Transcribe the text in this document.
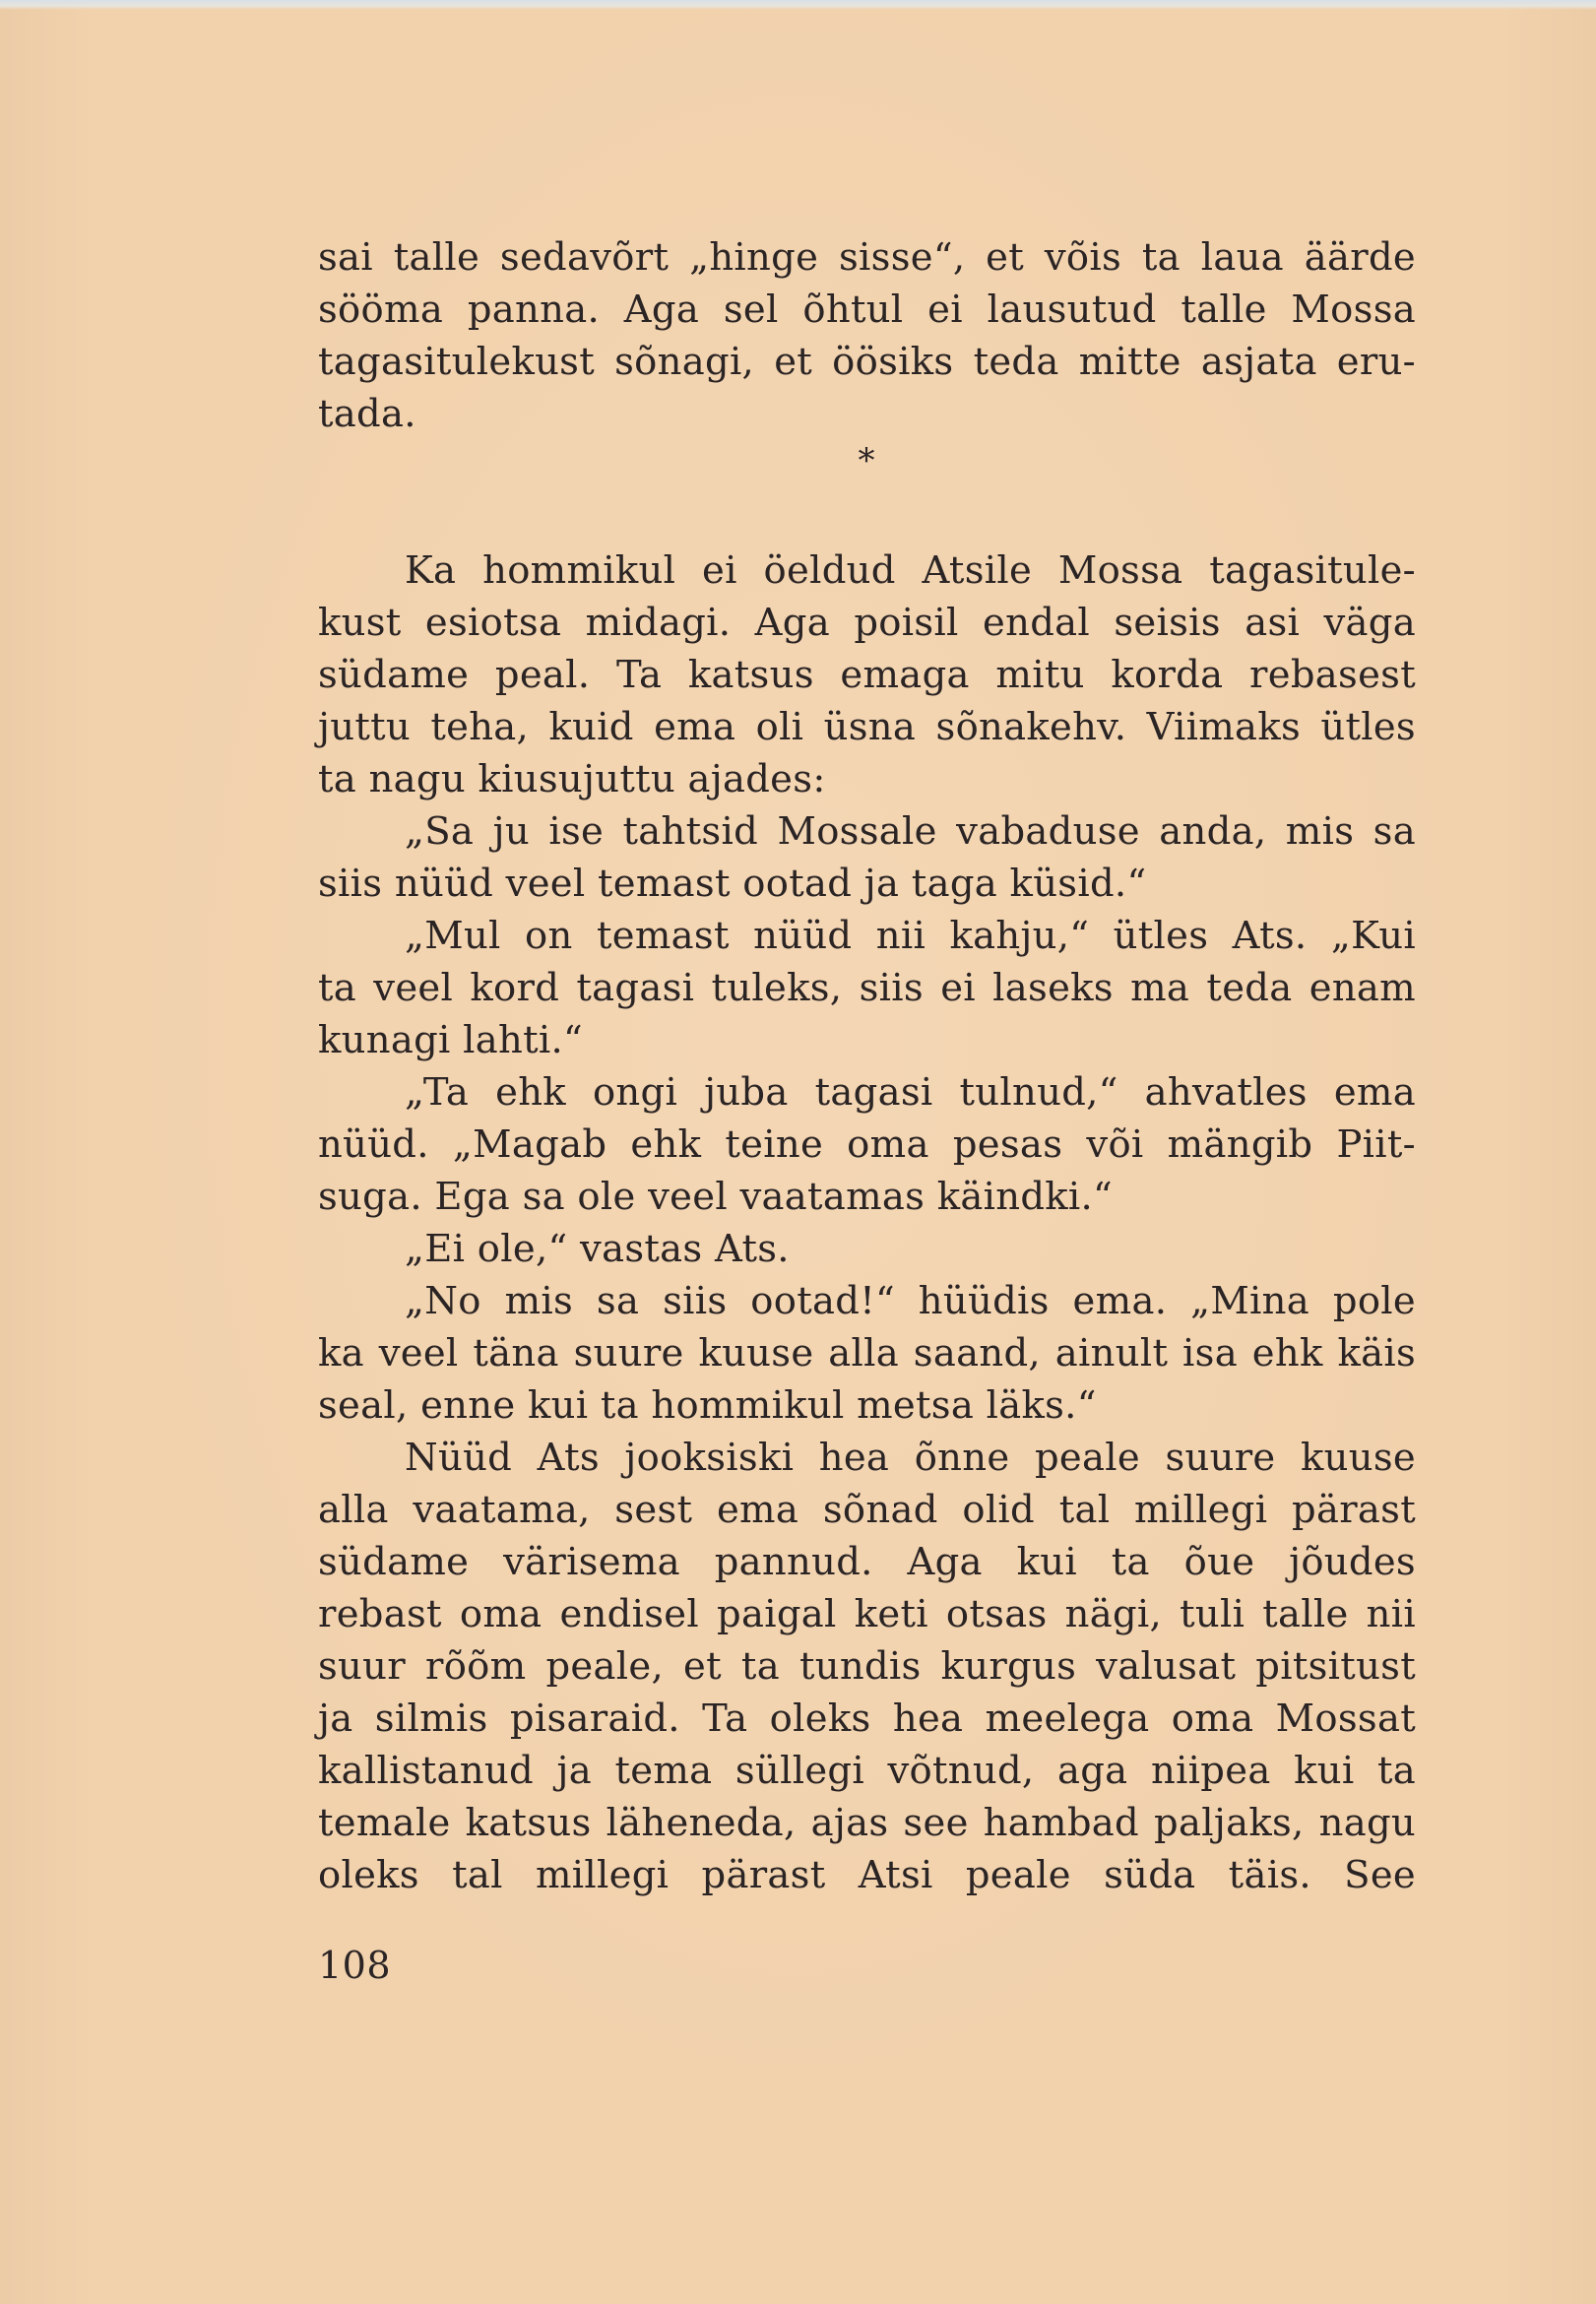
sai talle sedavõrt „hinge sisse“, et võis ta laua äärde
sööma panna. Aga sel õhtul ei lausutud talle Mossa
tagasitulekust sõnagi, et öösiks teda mitte asjata eru-
tada.
*
Ka hommikul ei öeldud Atsile Mossa tagasitule-
kust esiotsa midagi. Aga poisil endal seisis asi väga
südame peal. Ta katsus emaga mitu korda rebasest
juttu teha, kuid ema oli üsna sõnakehv. Viimaks ütles
ta nagu kiusujuttu ajades:
„Sa ju ise tahtsid Mossale vabaduse anda, mis sa
siis nüüd veel temast ootad ja taga küsid.“
„Mul on temast nüüd nii kahju,“ ütles Ats. „Kui
ta veel kord tagasi tuleks, siis ei laseks ma teda enam
kunagi lahti.“
„Ta ehk ongi juba tagasi tulnud,“ ahvatles ema
nüüd. „Magab ehk teine oma pesas või mängib Piit-
suga. Ega sa ole veel vaatamas käindki.“
„Ei ole,“ vastas Ats.
„No mis sa siis ootad!“ hüüdis ema. „Mina pole
ka veel täna suure kuuse alla saand, ainult isa ehk käis
seal, enne kui ta hommikul metsa läks.“
Nüüd Ats jooksiski hea õnne peale suure kuuse
alla vaatama, sest ema sõnad olid tal millegi pärast
südame värisema pannud. Aga kui ta õue jõudes
rebast oma endisel paigal keti otsas nägi, tuli talle nii
suur rõõm peale, et ta tundis kurgus valusat pitsitust
ja silmis pisaraid. Ta oleks hea meelega oma Mossat
kallistanud ja tema süllegi võtnud, aga niipea kui ta
temale katsus läheneda, ajas see hambad paljaks, nagu
oleks tal millegi pärast Atsi peale süda täis. See
108
